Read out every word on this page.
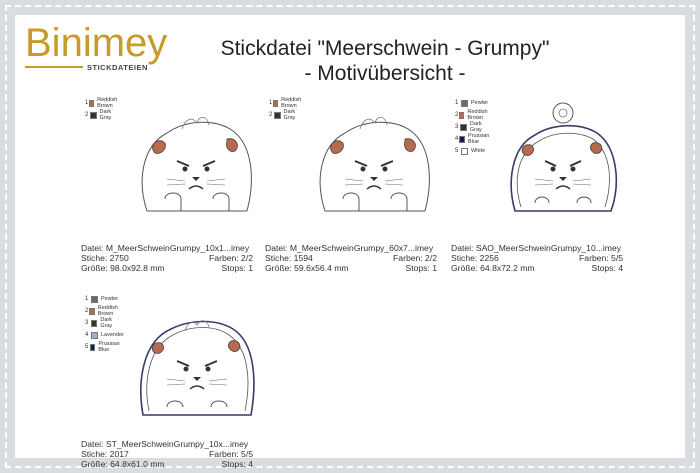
Binimey
STICKDATEIEN
Stickdatei "Meerschwein - Grumpy"
- Motivübersicht -
1 Reddish Brown
2	Dark Gray
Datei: M_MeerSchweinGrumpy_10x1...imey
Stiche: 2750	Farben: 2/2
Größe: 98.0x92.8 mm	Stops: 1
1 Reddish Brown
2	Dark Gray
Datei: M_MeerSchweinGrumpy_60x7...imey
Stiche: 1594	Farben: 2/2
Größe: 59.6x56.4 mm	Stops: 1
1	Pewter
2 Reddish Brown
3	Dark Gray
4 Prussian Blue
5	White
Datei: SAO_MeerSchweinGrumpy_10...imey
Stiche: 2256	Farben: 5/5
Größe: 64.8x72.2 mm	Stops: 4
1	Pewter
2 Reddish Brown
3	Dark Gray
4	Lavender
5 Prussian Blue
Datei: ST_MeerSchweinGrumpy_10x...imey
Stiche: 2017	Farben: 5/5
Größe: 64.8x61.0 mm	Stops: 4
